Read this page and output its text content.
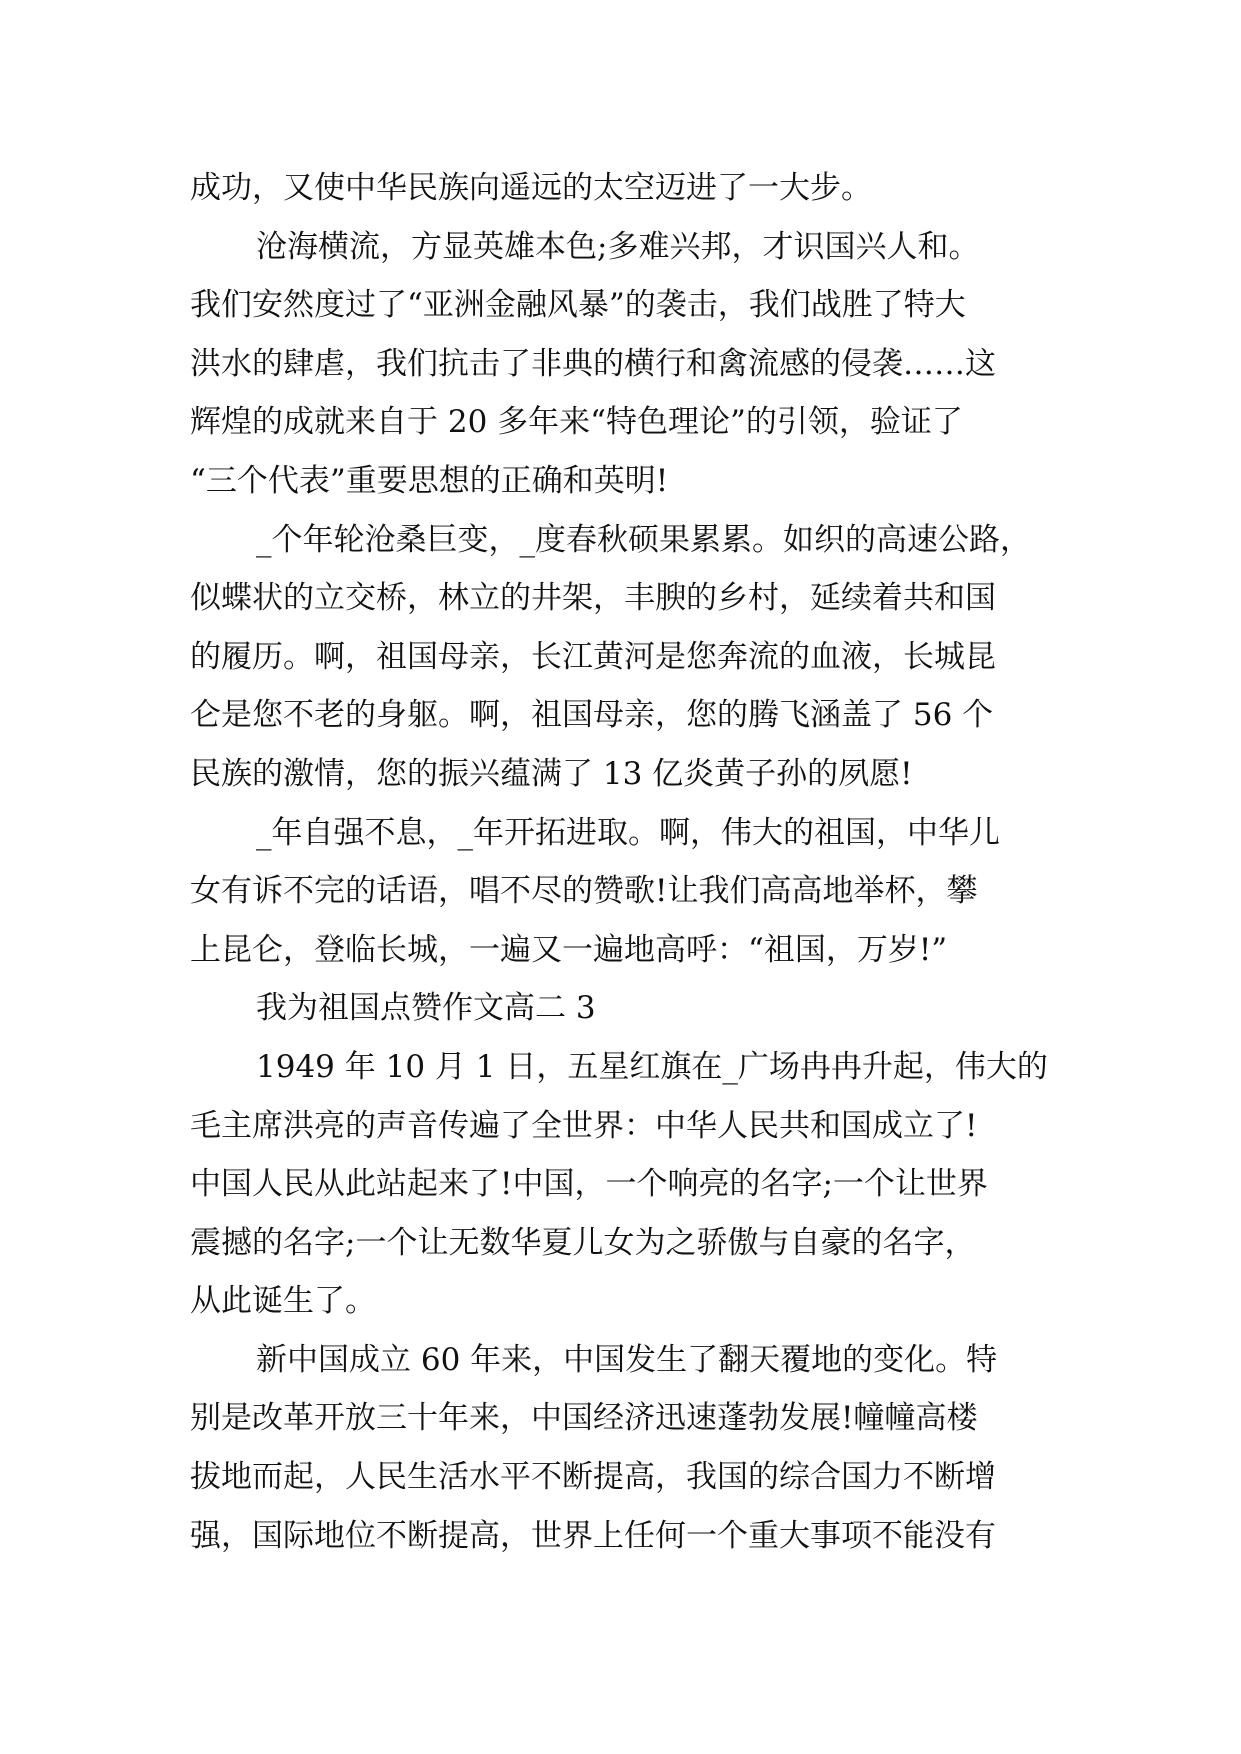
成功，又使中华民族向遥远的太空迈进了一大步。
沧海横流，方显英雄本色;多难兴邦，才识国兴人和。
我们安然度过了“亚洲金融风暴”的袭击，我们战胜了特大
洪水的肆虐，我们抗击了非典的横行和禽流感的侵袭……这
辉煌的成就来自于 20 多年来“特色理论”的引领，验证了
“三个代表”重要思想的正确和英明!
_个年轮沧桑巨变，_度春秋硕果累累。如织的高速公路，
似蝶状的立交桥，林立的井架，丰腴的乡村，延续着共和国
的履历。啊，祖国母亲，长江黄河是您奔流的血液，长城昆
仑是您不老的身躯。啊，祖国母亲，您的腾飞涵盖了 56 个
民族的激情，您的振兴蕴满了 13 亿炎黄子孙的夙愿!
_年自强不息，_年开拓进取。啊，伟大的祖国，中华儿
女有诉不完的话语，唱不尽的赞歌!让我们高高地举杯，攀
上昆仑，登临长城，一遍又一遍地高呼：“祖国，万岁!”
我为祖国点赞作文高二 3
1949 年 10 月 1 日，五星红旗在_广场冉冉升起，伟大的
毛主席洪亮的声音传遍了全世界：中华人民共和国成立了!
中国人民从此站起来了!中国，一个响亮的名字;一个让世界
震撼的名字;一个让无数华夏儿女为之骄傲与自豪的名字，
从此诞生了。
新中国成立 60 年来，中国发生了翻天覆地的变化。特
别是改革开放三十年来，中国经济迅速蓬勃发展!幢幢高楼
拔地而起，人民生活水平不断提高，我国的综合国力不断增
强，国际地位不断提高，世界上任何一个重大事项不能没有
